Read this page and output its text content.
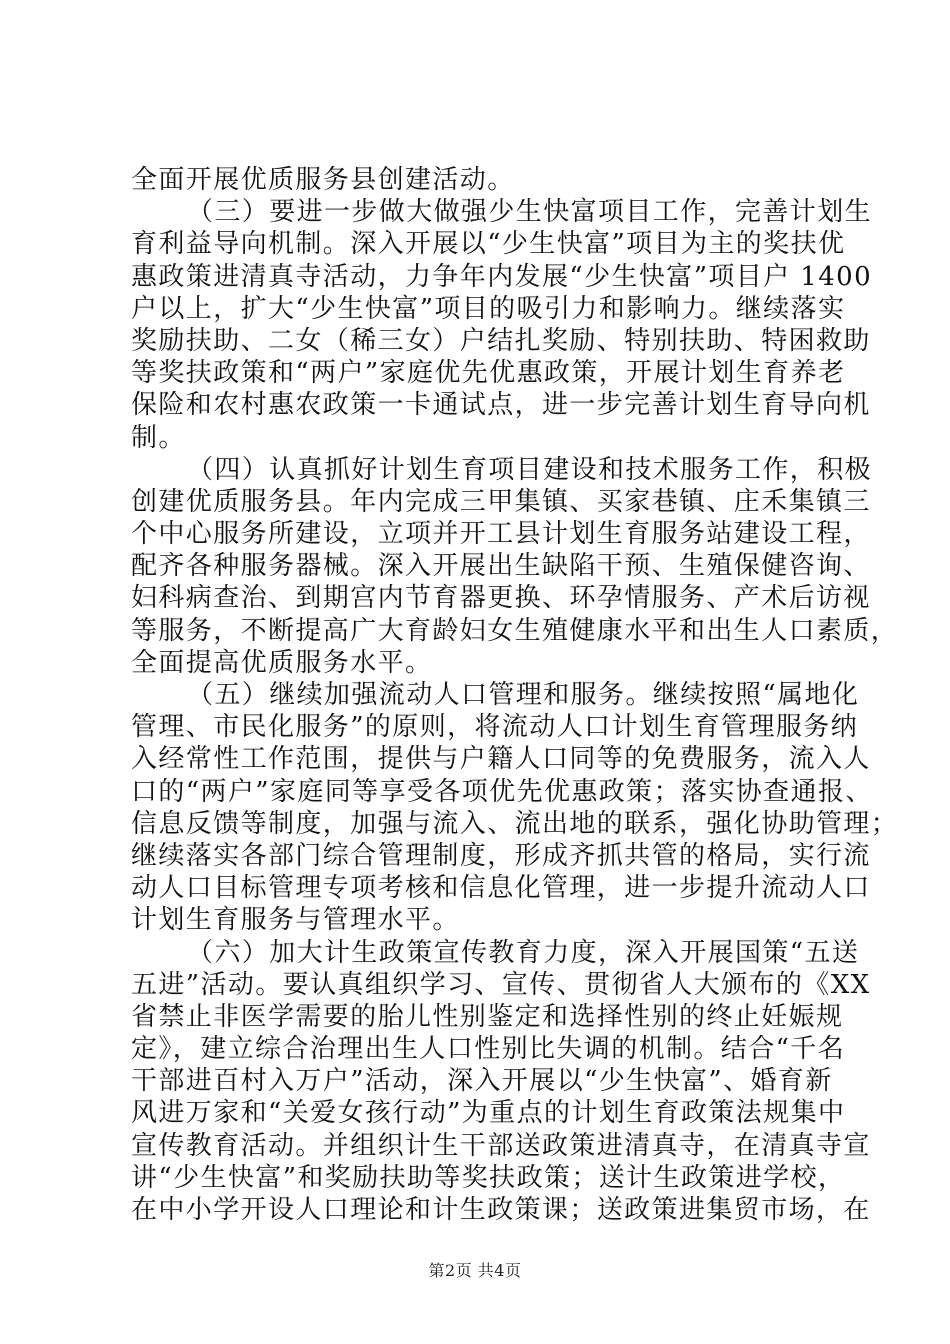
全面开展优质服务县创建活动。
（三）要进一步做大做强少生快富项目工作，完善计划生
育利益导向机制。深入开展以“少生快富”项目为主的奖扶优
惠政策进清真寺活动，力争年内发展“少生快富”项目户 1400
户以上，扩大“少生快富”项目的吸引力和影响力。继续落实
奖励扶助、二女（稀三女）户结扎奖励、特别扶助、特困救助
等奖扶政策和“两户”家庭优先优惠政策，开展计划生育养老
保险和农村惠农政策一卡通试点，进一步完善计划生育导向机
制。
（四）认真抓好计划生育项目建设和技术服务工作，积极
创建优质服务县。年内完成三甲集镇、买家巷镇、庄禾集镇三
个中心服务所建设，立项并开工县计划生育服务站建设工程，
配齐各种服务器械。深入开展出生缺陷干预、生殖保健咨询、
妇科病查治、到期宫内节育器更换、环孕情服务、产术后访视
等服务，不断提高广大育龄妇女生殖健康水平和出生人口素质，
全面提高优质服务水平。
（五）继续加强流动人口管理和服务。继续按照“属地化
管理、市民化服务”的原则，将流动人口计划生育管理服务纳
入经常性工作范围，提供与户籍人口同等的免费服务，流入人
口的“两户”家庭同等享受各项优先优惠政策；落实协查通报、
信息反馈等制度，加强与流入、流出地的联系，强化协助管理；
继续落实各部门综合管理制度，形成齐抓共管的格局，实行流
动人口目标管理专项考核和信息化管理，进一步提升流动人口
计划生育服务与管理水平。
（六）加大计生政策宣传教育力度，深入开展国策“五送
五进”活动。要认真组织学习、宣传、贯彻省人大颁布的《XX
省禁止非医学需要的胎儿性别鉴定和选择性别的终止妊娠规
定》，建立综合治理出生人口性别比失调的机制。结合“千名
干部进百村入万户”活动，深入开展以“少生快富”、婚育新
风进万家和“关爱女孩行动”为重点的计划生育政策法规集中
宣传教育活动。并组织计生干部送政策进清真寺，在清真寺宣
讲“少生快富”和奖励扶助等奖扶政策；送计生政策进学校，
在中小学开设人口理论和计生政策课；送政策进集贸市场，在
第2页 共4页
